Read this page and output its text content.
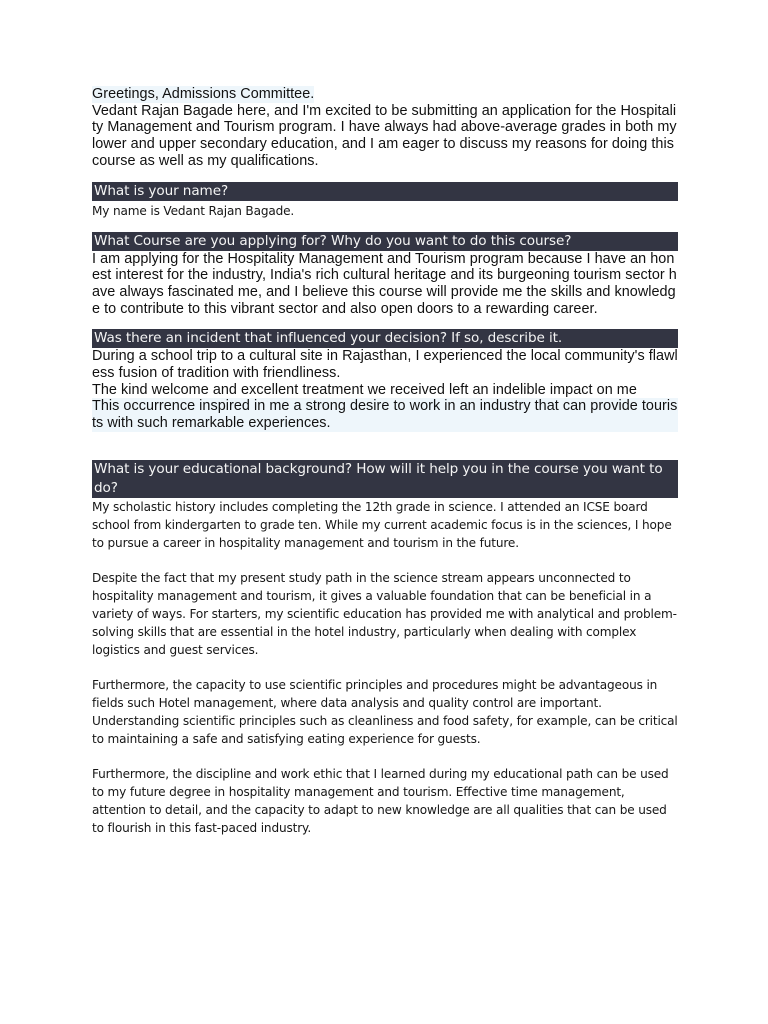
Greetings, Admissions Committee.

Vedant Rajan Bagade here, and I'm excited to be submitting an application for the Hospitality Management and Tourism program. I have always had above-average grades in both my lower and upper secondary education, and I am eager to discuss my reasons for doing this course as well as my qualifications.

What is your name?

My name is Vedant Rajan Bagade.

What Course are you applying for? Why do you want to do this course?

I am applying for the Hospitality Management and Tourism program because I have an honest interest for the industry, India's rich cultural heritage and its burgeoning tourism sector have always fascinated me, and I believe this course will provide me the skills and knowledge to contribute to this vibrant sector and also open doors to a rewarding career.

Was there an incident that influenced your decision? If so, describe it.

During a school trip to a cultural site in Rajasthan, I experienced the local community's flawless fusion of tradition with friendliness.

The kind welcome and excellent treatment we received left an indelible impact on me

This occurrence inspired in me a strong desire to work in an industry that can provide tourists with such remarkable experiences.

What is your educational background? How will it help you in the course you want to do?

My scholastic history includes completing the 12th grade in science. I attended an ICSE board school from kindergarten to grade ten. While my current academic focus is in the sciences, I hope to pursue a career in hospitality management and tourism in the future.

Despite the fact that my present study path in the science stream appears unconnected to hospitality management and tourism, it gives a valuable foundation that can be beneficial in a variety of ways. For starters, my scientific education has provided me with analytical and problem-solving skills that are essential in the hotel industry, particularly when dealing with complex logistics and guest services.

Furthermore, the capacity to use scientific principles and procedures might be advantageous in fields such Hotel management, where data analysis and quality control are important. Understanding scientific principles such as cleanliness and food safety, for example, can be critical to maintaining a safe and satisfying eating experience for guests.

Furthermore, the discipline and work ethic that I learned during my educational path can be used to my future degree in hospitality management and tourism. Effective time management, attention to detail, and the capacity to adapt to new knowledge are all qualities that can be used to flourish in this fast-paced industry.
